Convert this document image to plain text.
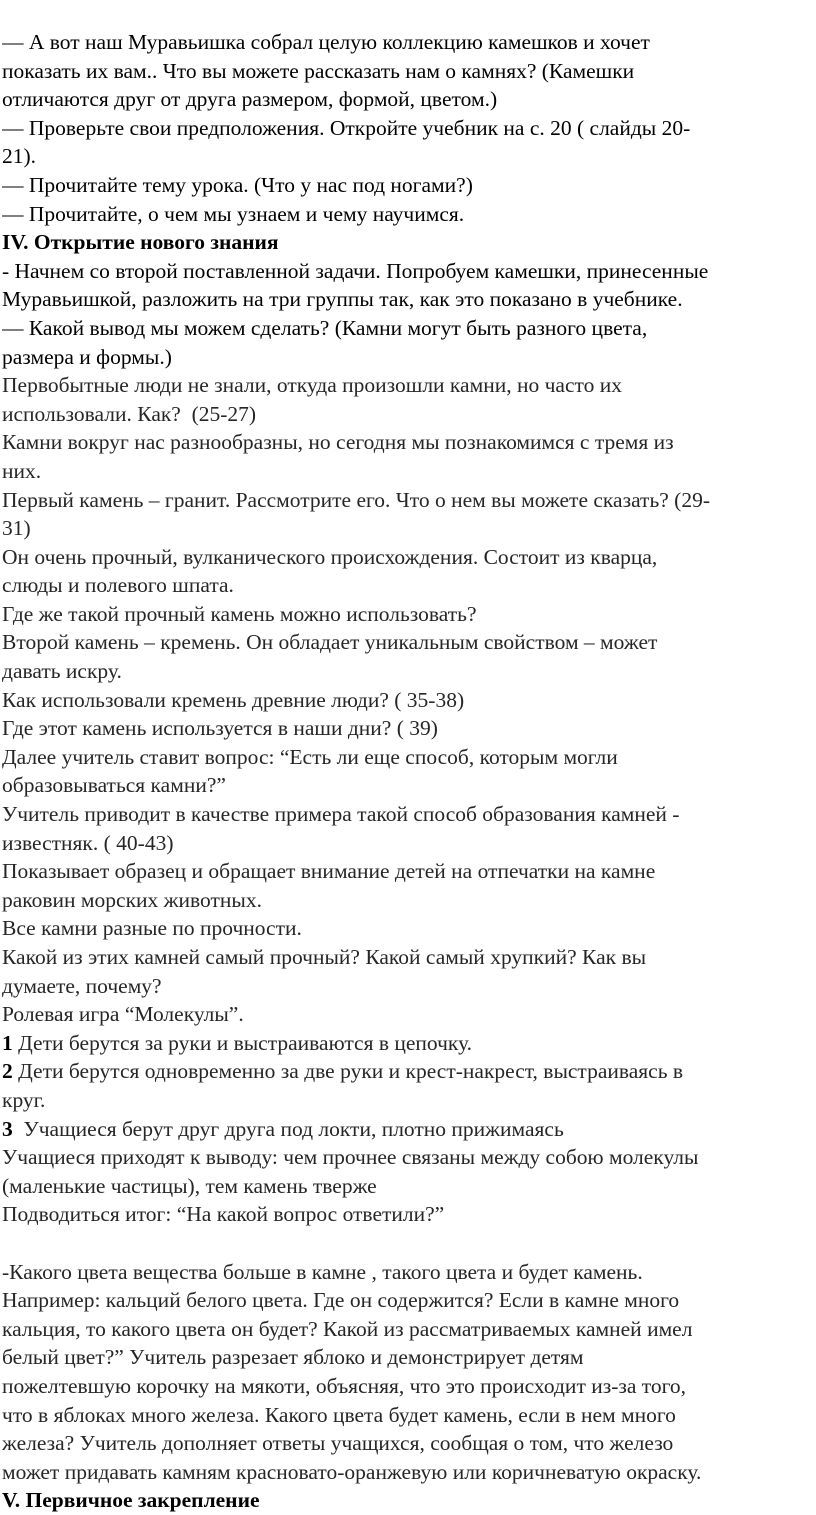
— А вот наш Муравьишка собрал целую коллекцию камешков и хочет
показать их вам.. Что вы можете рассказать нам о камнях? (Камешки
отличаются друг от друга размером, формой, цветом.)
— Проверьте свои предположения. Откройте учебник на с. 20 ( слайды 20-
21).
— Прочитайте тему урока. (Что у нас под ногами?)
— Прочитайте, о чем мы узнаем и чему научимся.
IV. Открытие нового знания
- Начнем со второй поставленной задачи. Попробуем камешки, принесенные
Муравьишкой, разложить на три группы так, как это показано в учебнике.
— Какой вывод мы можем сделать? (Камни могут быть разного цвета,
размера и формы.)
Первобытные люди не знали, откуда произошли камни, но часто их
использовали. Как?  (25-27)
Камни вокруг нас разнообразны, но сегодня мы познакомимся с тремя из
них.
Первый камень – гранит. Рассмотрите его. Что о нем вы можете сказать? (29-
31)
Он очень прочный, вулканического происхождения. Состоит из кварца,
слюды и полевого шпата.
Где же такой прочный камень можно использовать?
Второй камень – кремень. Он обладает уникальным свойством – может
давать искру.
Как использовали кремень древние люди? ( 35-38)
Где этот камень используется в наши дни? ( 39)
Далее учитель ставит вопрос: “Есть ли еще способ, которым могли
образовываться камни?”
Учитель приводит в качестве примера такой способ образования камней -
известняк. ( 40-43)
Показывает образец и обращает внимание детей на отпечатки на камне
раковин морских животных.
Все камни разные по прочности.
Какой из этих камней самый прочный? Какой самый хрупкий? Как вы
думаете, почему?
Ролевая игра “Молекулы”.
1 Дети берутся за руки и выстраиваются в цепочку.
2 Дети берутся одновременно за две руки и крест-накрест, выстраиваясь в
круг.
3  Учащиеся берут друг друга под локти, плотно прижимаясь
Учащиеся приходят к выводу: чем прочнее связаны между собою молекулы
(маленькие частицы), тем камень тверже
Подводиться итог: “На какой вопрос ответили?”
-Какого цвета вещества больше в камне , такого цвета и будет камень.
Например: кальций белого цвета. Где он содержится? Если в камне много
кальция, то какого цвета он будет? Какой из рассматриваемых камней имел
белый цвет?” Учитель разрезает яблоко и демонстрирует детям
пожелтевшую корочку на мякоти, объясняя, что это происходит из-за того,
что в яблоках много железа. Какого цвета будет камень, если в нем много
железа? Учитель дополняет ответы учащихся, сообщая о том, что железо
может придавать камням красновато-оранжевую или коричневатую окраску.
V. Первичное закрепление
